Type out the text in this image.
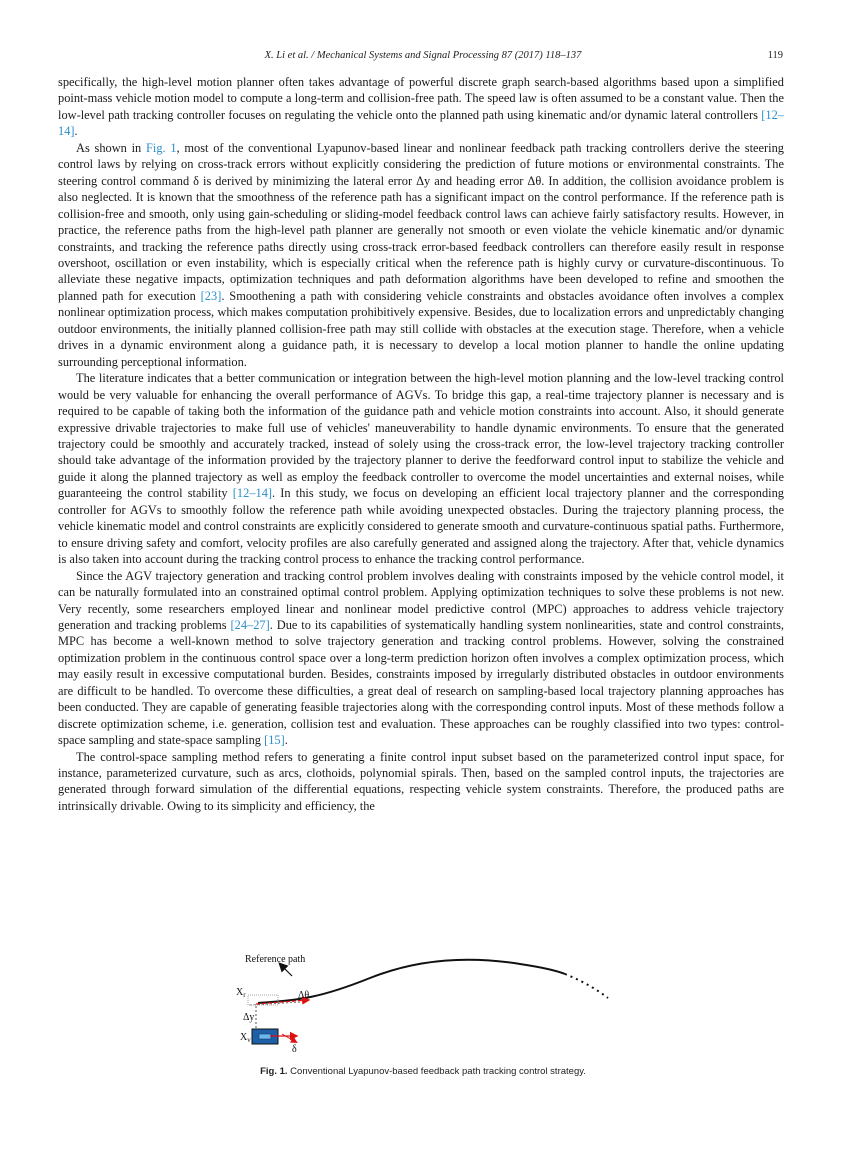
X. Li et al. / Mechanical Systems and Signal Processing 87 (2017) 118–137	119

specifically, the high-level motion planner often takes advantage of powerful discrete graph search-based algorithms based upon a simplified point-mass vehicle motion model to compute a long-term and collision-free path. The speed law is often assumed to be a constant value. Then the low-level path tracking controller focuses on regulating the vehicle onto the planned path using kinematic and/or dynamic lateral controllers [12–14].

As shown in Fig. 1, most of the conventional Lyapunov-based linear and nonlinear feedback path tracking controllers derive the steering control laws by relying on cross-track errors without explicitly considering the prediction of future motions or environmental constraints. The steering control command δ is derived by minimizing the lateral error Δy and heading error Δθ. In addition, the collision avoidance problem is also neglected. It is known that the smoothness of the reference path has a significant impact on the control performance. If the reference path is collision-free and smooth, only using gain-scheduling or sliding-model feedback control laws can achieve fairly satisfactory results. However, in practice, the reference paths from the high-level path planner are generally not smooth or even violate the vehicle kinematic and/or dynamic constraints, and tracking the reference paths directly using cross-track error-based feedback controllers can therefore easily result in response overshoot, oscillation or even instability, which is especially critical when the reference path is highly curvy or curvature-discontinuous. To alleviate these negative impacts, optimization techniques and path deformation algorithms have been developed to refine and smoothen the planned path for execution [23]. Smoothening a path with considering vehicle constraints and obstacles avoidance often involves a complex nonlinear optimization process, which makes computation prohibitively expensive. Besides, due to localization errors and unpredictably changing outdoor environments, the initially planned collision-free path may still collide with obstacles at the execution stage. Therefore, when a vehicle drives in a dynamic environment along a guidance path, it is necessary to develop a local motion planner to handle the online updating surrounding perceptional information.

The literature indicates that a better communication or integration between the high-level motion planning and the low-level tracking control would be very valuable for enhancing the overall performance of AGVs. To bridge this gap, a real-time trajectory planner is necessary and is required to be capable of taking both the information of the guidance path and vehicle motion constraints into account. Also, it should generate expressive drivable trajectories to make full use of vehicles' maneuverability to handle dynamic environments. To ensure that the generated trajectory could be smoothly and accurately tracked, instead of solely using the cross-track error, the low-level trajectory tracking controller should take advantage of the information provided by the trajectory planner to derive the feedforward control input to stabilize the vehicle and guide it along the planned trajectory as well as employ the feedback controller to overcome the model uncertainties and external noises, while guaranteeing the control stability [12–14]. In this study, we focus on developing an efficient local trajectory planner and the corresponding controller for AGVs to smoothly follow the reference path while avoiding unexpected obstacles. During the trajectory planning process, the vehicle kinematic model and control constraints are explicitly considered to generate smooth and curvature-continuous spatial paths. Furthermore, to ensure driving safety and comfort, velocity profiles are also carefully generated and assigned along the trajectory. After that, vehicle dynamics is also taken into account during the tracking control process to enhance the tracking control performance.

Since the AGV trajectory generation and tracking control problem involves dealing with constraints imposed by the vehicle control model, it can be naturally formulated into an constrained optimal control problem. Applying optimization techniques to solve these problems is not new. Very recently, some researchers employed linear and nonlinear model predictive control (MPC) approaches to address vehicle trajectory generation and tracking problems [24–27]. Due to its capabilities of systematically handling system nonlinearities, state and control constraints, MPC has become a well-known method to solve trajectory generation and tracking control problems. However, solving the constrained optimization problem in the continuous control space over a long-term prediction horizon often involves a complex optimization process, which may easily result in excessive computational burden. Besides, constraints imposed by irregularly distributed obstacles in outdoor environments are difficult to be handled. To overcome these difficulties, a great deal of research on sampling-based local trajectory planning approaches has been conducted. They are capable of generating feasible trajectories along with the corresponding control inputs. Most of these methods follow a discrete optimization scheme, i.e. generation, collision test and evaluation. These approaches can be roughly classified into two types: control-space sampling and state-space sampling [15].

The control-space sampling method refers to generating a finite control input subset based on the parameterized control input space, for instance, parameterized curvature, such as arcs, clothoids, polynomial spirals. Then, based on the sampled control inputs, the trajectories are generated through forward simulation of the differential equations, respecting vehicle system constraints. Therefore, the produced paths are intrinsically drivable. Owing to its simplicity and efficiency, the

Reference path
$X_r$	Δθ
Δy
$X_v$
δ
Fig. 1. Conventional Lyapunov-based feedback path tracking control strategy.
